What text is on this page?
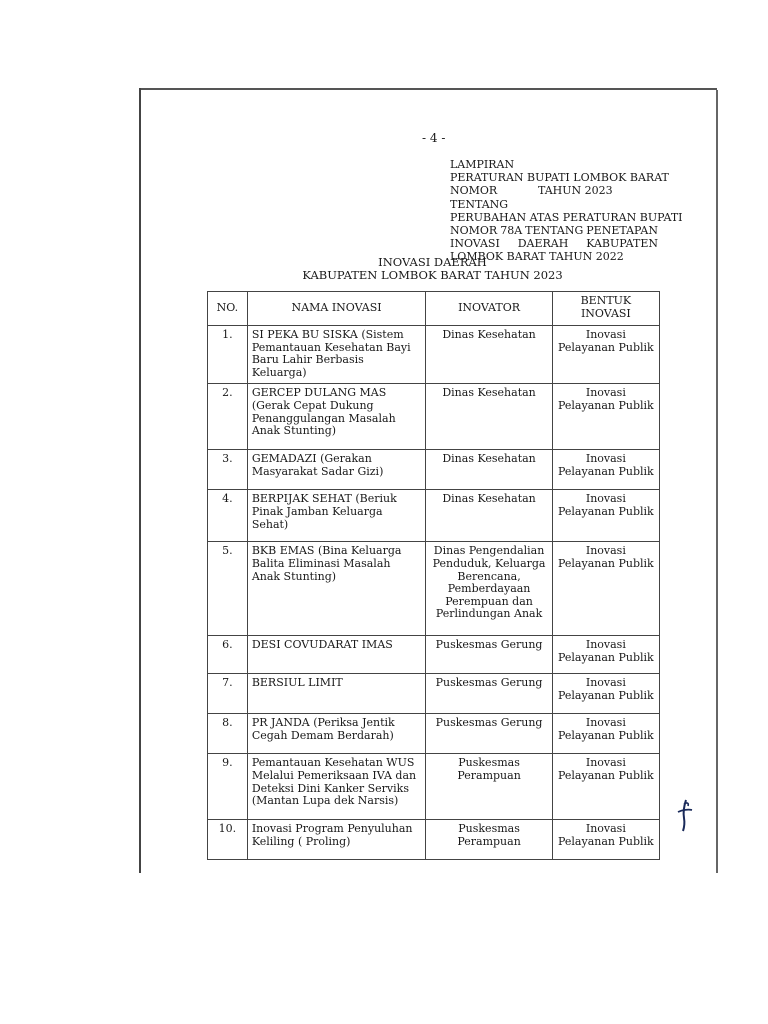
- 4 -
LAMPIRAN
PERATURAN BUPATI LOMBOK BARAT
NOMOR	TAHUN 2023
TENTANG
PERUBAHAN ATAS PERATURAN BUPATI
NOMOR 78A TENTANG PENETAPAN
INOVASI DAERAH KABUPATEN
LOMBOK BARAT TAHUN 2022
INOVASI DAERAH
KABUPATEN LOMBOK BARAT TAHUN 2023
NO.	NAMA INOVASI	INOVATOR	BENTUK INOVASI
1.	SI PEKA BU SISKA (Sistem Pemantauan Kesehatan Bayi Baru Lahir Berbasis Keluarga)	Dinas Kesehatan	Inovasi Pelayanan Publik
2.	GERCEP DULANG MAS (Gerak Cepat Dukung Penanggulangan Masalah Anak Stunting)	Dinas Kesehatan	Inovasi Pelayanan Publik
3.	GEMADAZI (Gerakan Masyarakat Sadar Gizi)	Dinas Kesehatan	Inovasi Pelayanan Publik
4.	BERPIJAK SEHAT (Beriuk Pinak Jamban Keluarga Sehat)	Dinas Kesehatan	Inovasi Pelayanan Publik
5.	BKB EMAS (Bina Keluarga Balita Eliminasi Masalah Anak Stunting)	Dinas Pengendalian Penduduk, Keluarga Berencana, Pemberdayaan Perempuan dan Perlindungan Anak	Inovasi Pelayanan Publik
6.	DESI COVUDARAT IMAS	Puskesmas Gerung	Inovasi Pelayanan Publik
7.	BERSIUL LIMIT	Puskesmas Gerung	Inovasi Pelayanan Publik
8.	PR JANDA (Periksa Jentik Cegah Demam Berdarah)	Puskesmas Gerung	Inovasi Pelayanan Publik
9.	Pemantauan Kesehatan WUS Melalui Pemeriksaan IVA dan Deteksi Dini Kanker Serviks (Mantan Lupa dek Narsis)	Puskesmas Perampuan	Inovasi Pelayanan Publik
10.	Inovasi Program Penyuluhan Keliling ( Proling)	Puskesmas Perampuan	Inovasi Pelayanan Publik
